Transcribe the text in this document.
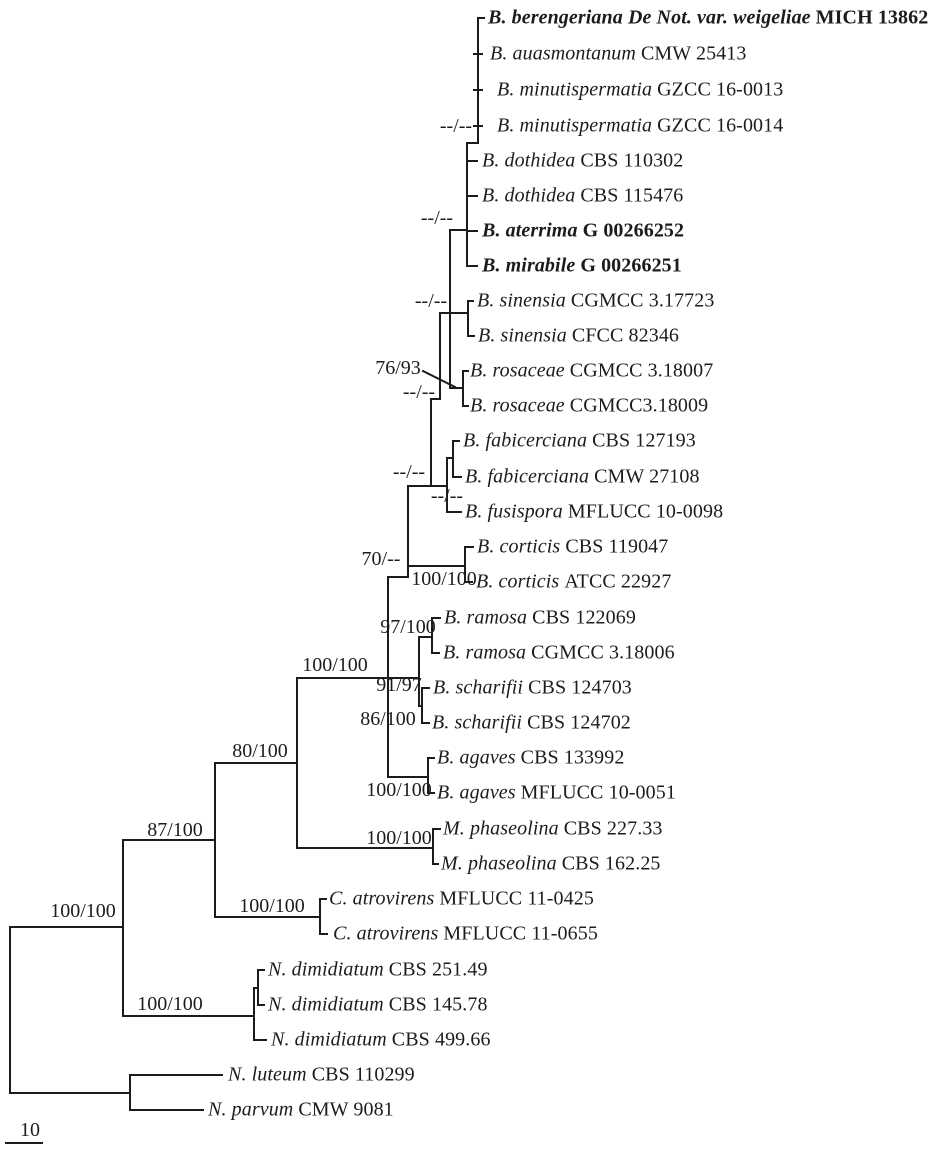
B. berengeriana De Not. var. weigeliae MICH 13862
B. auasmontanum CMW 25413
B. minutispermatia GZCC 16-0013
B. minutispermatia GZCC 16-0014
B. dothidea CBS 110302
B. dothidea CBS 115476
B. aterrima G 00266252
B. mirabile G 00266251
B. sinensia CGMCC 3.17723
B. sinensia CFCC 82346
B. rosaceae CGMCC 3.18007
B. rosaceae CGMCC3.18009
B. fabicerciana CBS 127193
B. fabicerciana CMW 27108
B. fusispora MFLUCC 10-0098
B. corticis CBS 119047
B. corticis ATCC 22927
B. ramosa CBS 122069
B. ramosa CGMCC 3.18006
B. scharifii CBS 124703
B. scharifii CBS 124702
B. agaves CBS 133992
B. agaves MFLUCC 10-0051
M. phaseolina CBS 227.33
M. phaseolina CBS 162.25
C. atrovirens MFLUCC 11-0425
C. atrovirens MFLUCC 11-0655
N. dimidiatum CBS 251.49
N. dimidiatum CBS 145.78
N. dimidiatum CBS 499.66
N. luteum CBS 110299
N. parvum CMW 9081
--/--
--/--
--/--
76/93
--/--
--/--
--/--
70/--
100/100
97/100
100/100
91/97
86/100
100/100
100/100
87/100
100/100
100/100
100/100
80/100
10
